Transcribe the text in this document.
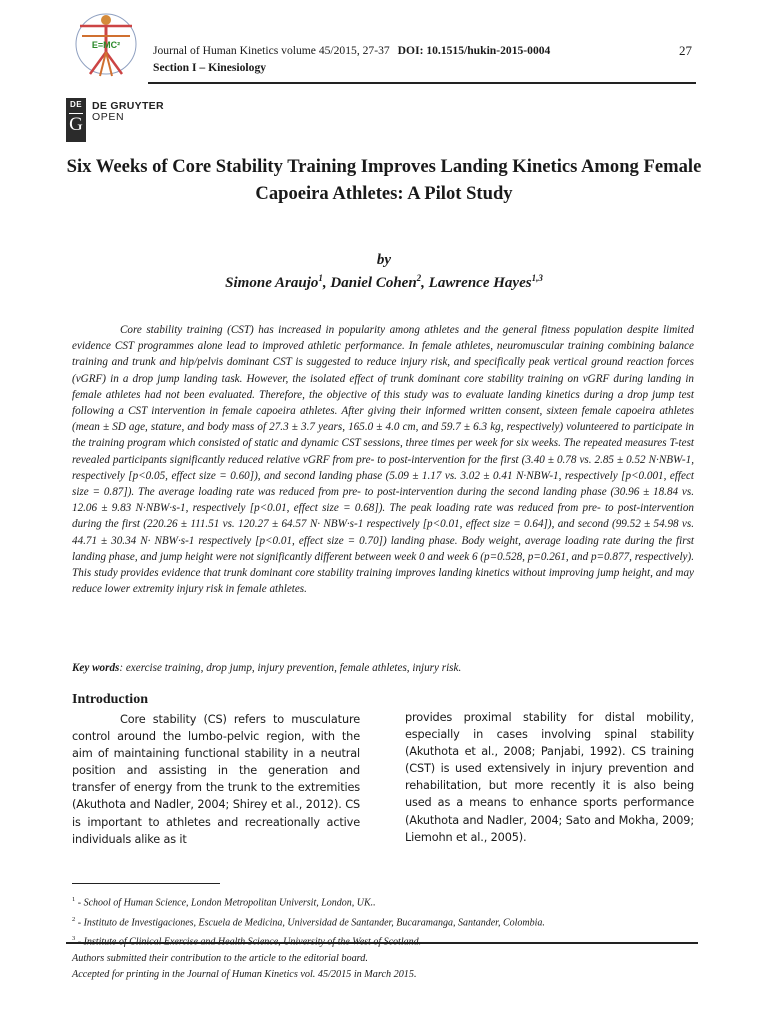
E=MC²	Journal of Human Kinetics volume 45/2015, 27-37 DOI: 10.1515/hukin-2015-0004	27
Section I – Kinesiology
DE
G
DE GRUYTER
OPEN
Six Weeks of Core Stability Training Improves Landing Kinetics Among Female Capoeira Athletes: A Pilot Study
by
Simone Araujo$^1$, Daniel Cohen$^2$, Lawrence Hayes$^{1,3}$

Core stability training (CST) has increased in popularity among athletes and the general fitness population despite limited evidence CST programmes alone lead to improved athletic performance. In female athletes, neuromuscular training combining balance training and trunk and hip/pelvis dominant CST is suggested to reduce injury risk, and specifically peak vertical ground reaction forces (vGRF) in a drop jump landing task. However, the isolated effect of trunk dominant core stability training on vGRF during landing in female athletes had not been evaluated. Therefore, the objective of this study was to evaluate landing kinetics during a drop jump test following a CST intervention in female capoeira athletes. After giving their informed written consent, sixteen female capoeira athletes (mean ± SD age, stature, and body mass of 27.3 ± 3.7 years, 165.0 ± 4.0 cm, and 59.7 ± 6.3 kg, respectively) volunteered to participate in the training program which consisted of static and dynamic CST sessions, three times per week for six weeks. The repeated measures T-test revealed participants significantly reduced relative vGRF from pre- to post-intervention for the first (3.40 ± 0.78 vs. 2.85 ± 0.52 N·NBW-1, respectively [p<0.05, effect size = 0.60]), and second landing phase (5.09 ± 1.17 vs. 3.02 ± 0.41 N·NBW-1, respectively [p<0.001, effect size = 0.87]). The average loading rate was reduced from pre- to post-intervention during the second landing phase (30.96 ± 18.84 vs. 12.06 ± 9.83 N·NBW·s-1, respectively [p<0.01, effect size = 0.68]). The peak loading rate was reduced from pre- to post-intervention during the first (220.26 ± 111.51 vs. 120.27 ± 64.57 N· NBW·s-1 respectively [p<0.01, effect size = 0.64]), and second (99.52 ± 54.98 vs. 44.71 ± 30.34 N· NBW·s-1 respectively [p<0.01, effect size = 0.70]) landing phase. Body weight, average loading rate during the first landing phase, and jump height were not significantly different between week 0 and week 6 (p=0.528, p=0.261, and p=0.877, respectively). This study provides evidence that trunk dominant core stability training improves landing kinetics without improving jump height, and may reduce lower extremity injury risk in female athletes.

Key words: exercise training, drop jump, injury prevention, female athletes, injury risk.

Introduction

Core stability (CS) refers to musculature control around the lumbo-pelvic region, with the aim of maintaining functional stability in a neutral position and assisting in the generation and transfer of energy from the trunk to the extremities (Akuthota and Nadler, 2004; Shirey et al., 2012). CS is important to athletes and recreationally active individuals alike as it

provides proximal stability for distal mobility, especially in cases involving spinal stability (Akuthota et al., 2008; Panjabi, 1992). CS training (CST) is used extensively in injury prevention and rehabilitation, but more recently it is also being used as a means to enhance sports performance (Akuthota and Nadler, 2004; Sato and Mokha, 2009; Liemohn et al., 2005).

$^1$ - School of Human Science, London Metropolitan Universit, London, UK..
$^2$ - Instituto de Investigaciones, Escuela de Medicina, Universidad de Santander, Bucaramanga, Santander, Colombia.
$^3$ - Institute of Clinical Exercise and Health Science, University of the West of Scotland.
Authors submitted their contribution to the article to the editorial board.
Accepted for printing in the Journal of Human Kinetics vol. 45/2015 in March 2015.
